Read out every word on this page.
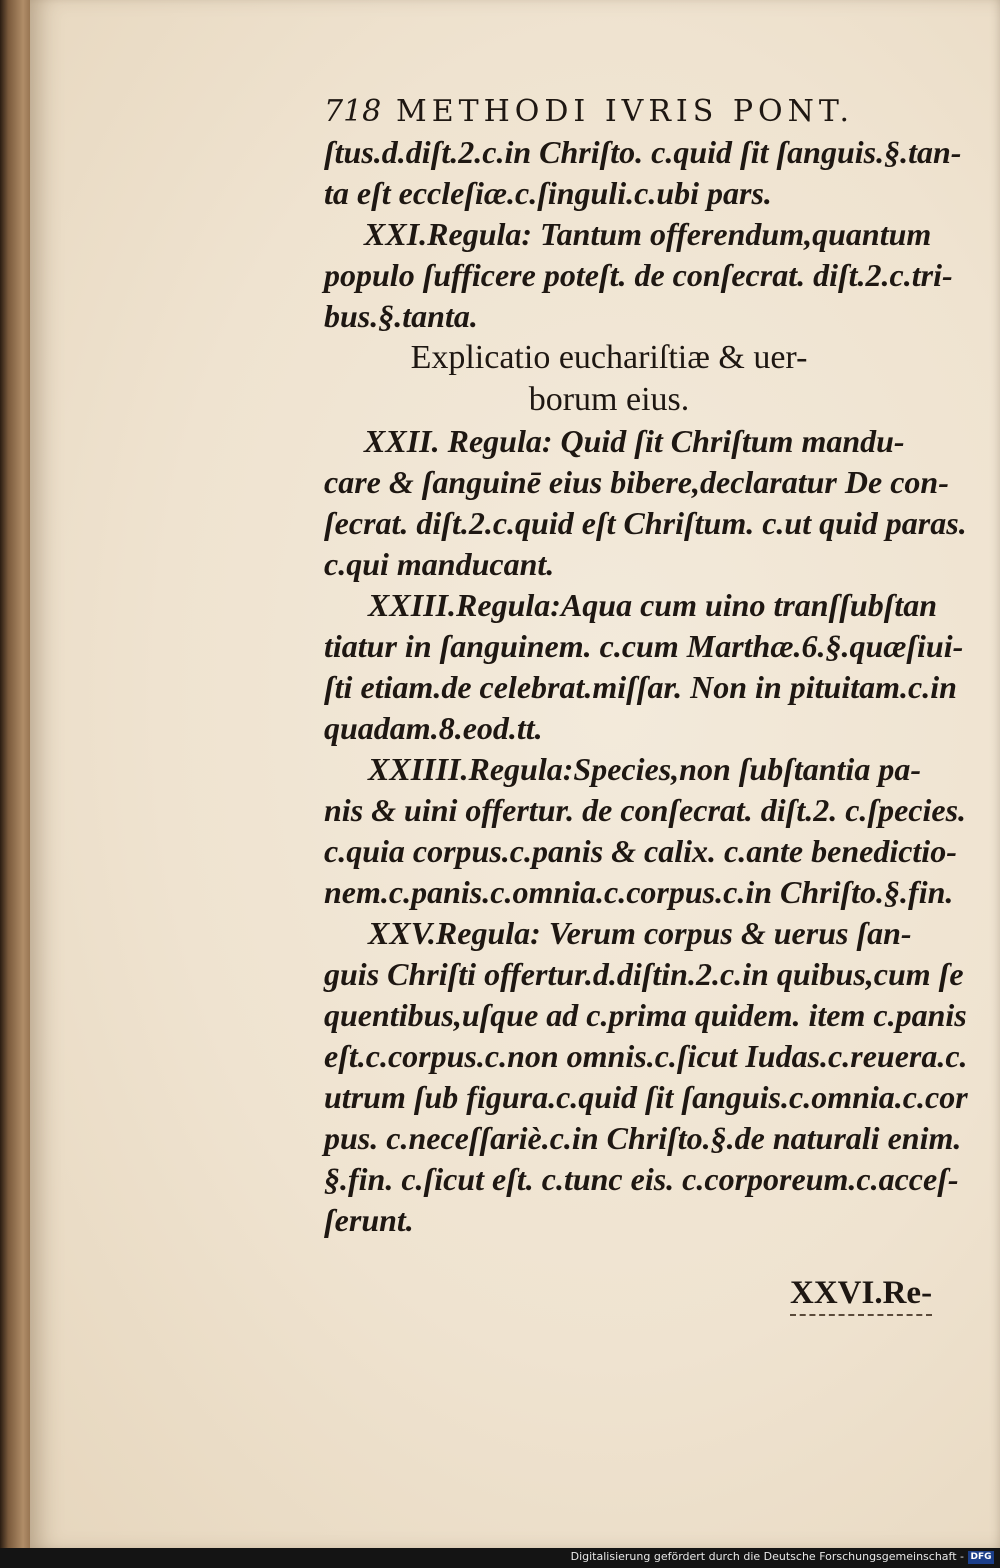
718 METHODI IVRIS PONT.

ſtus.d.diſt.2.c.in Chriſto. c.quid ſit ſanguis.§.tan-

ta eſt eccleſiæ.c.ſinguli.c.ubi pars.

XXI.Regula: Tantum offerendum,quantum

populo ſufficere poteſt. de conſecrat. diſt.2.c.tri-

bus.§.tanta.

Explicatio euchariſtiæ & uer-
borum eius.

XXII. Regula: Quid ſit Chriſtum mandu-

care & ſanguinē eius bibere,declaratur De con-

ſecrat. diſt.2.c.quid eſt Chriſtum. c.ut quid paras.

c.qui manducant.

XXIII.Regula:Aqua cum uino tranſſubſtan

tiatur in ſanguinem. c.cum Marthæ.6.§.quæſiui-

ſti etiam.de celebrat.miſſar. Non in pituitam.c.in

quadam.8.eod.tt.

XXIIII.Regula:Species,non ſubſtantia pa-

nis & uini offertur. de conſecrat. diſt.2. c.ſpecies.

c.quia corpus.c.panis & calix. c.ante benedictio-

nem.c.panis.c.omnia.c.corpus.c.in Chriſto.§.fin.

XXV.Regula: Verum corpus & uerus ſan-

guis Chriſti offertur.d.diſtin.2.c.in quibus,cum ſe

quentibus,uſque ad c.prima quidem. item c.panis

eſt.c.corpus.c.non omnis.c.ſicut Iudas.c.reuera.c.

utrum ſub figura.c.quid ſit ſanguis.c.omnia.c.cor

pus. c.neceſſariè.c.in Chriſto.§.de naturali enim.

§.fin. c.ſicut eſt. c.tunc eis. c.corporeum.c.acceſ-

ſerunt.

XXVI.Re-
Digitalisierung gefördert durch die Deutsche Forschungsgemeinschaft - DFG
